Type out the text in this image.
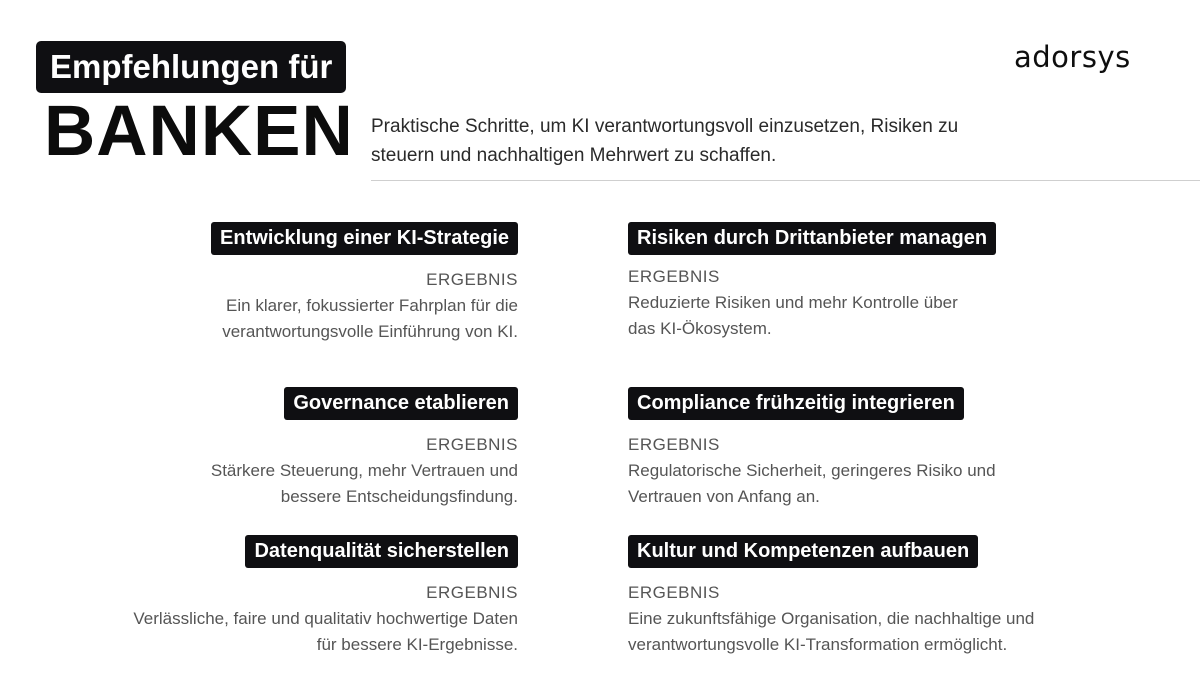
Empfehlungen für
BANKEN Praktische Schritte, um KI verantwortungsvoll einzusetzen, Risiken zu steuern und nachhaltigen Mehrwert zu schaffen.
adorsys
Entwicklung einer KI-Strategie
ERGEBNIS
Ein klarer, fokussierter Fahrplan für die verantwortungsvolle Einführung von KI.
Risiken durch Drittanbieter managen
ERGEBNIS
Reduzierte Risiken und mehr Kontrolle über das KI-Ökosystem.
Governance etablieren
ERGEBNIS
Stärkere Steuerung, mehr Vertrauen und bessere Entscheidungsfindung.
Compliance frühzeitig integrieren
ERGEBNIS
Regulatorische Sicherheit, geringeres Risiko und Vertrauen von Anfang an.
Datenqualität sicherstellen
ERGEBNIS
Verlässliche, faire und qualitativ hochwertige Daten für bessere KI-Ergebnisse.
Kultur und Kompetenzen aufbauen
ERGEBNIS
Eine zukunftsfähige Organisation, die nachhaltige und verantwortungsvolle KI-Transformation ermöglicht.
